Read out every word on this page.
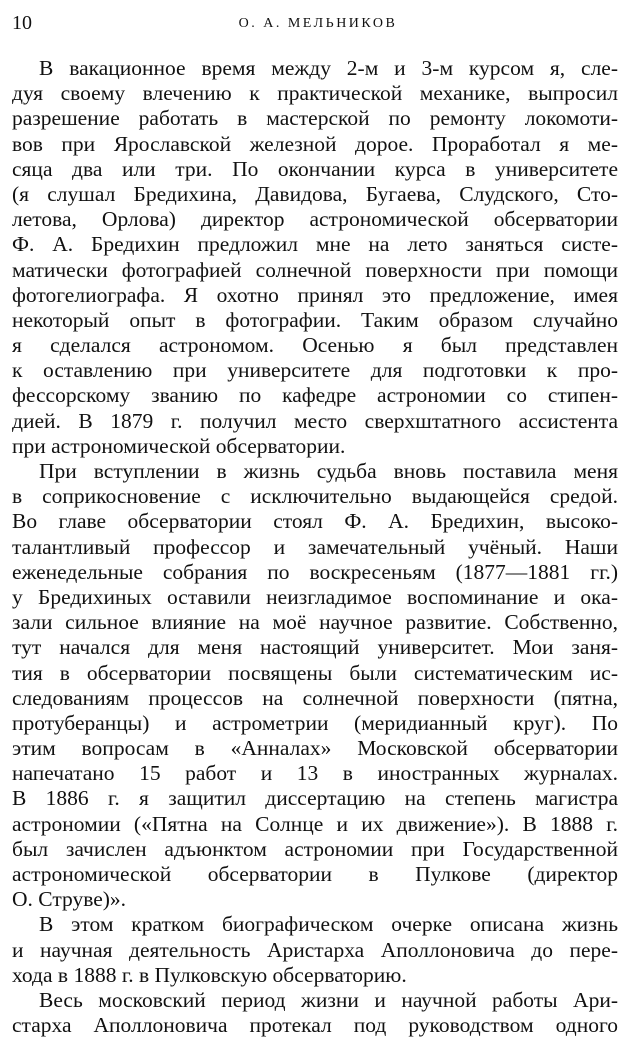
10	О. А. МЕЛЬНИКОВ
В вакационное время между 2-м и 3-м курсом я, сле-
дуя своему влечению к практической механике, выпросил
разрешение работать в мастерской по ремонту локомоти-
вов при Ярославской железной дорое. Проработал я ме-
сяца два или три. По окончании курса в университете
(я слушал Бредихина, Давидова, Бугаева, Слудского, Сто-
летова, Орлова) директор астрономической обсерватории
Ф. А. Бредихин предложил мне на лето заняться систе-
матически фотографией солнечной поверхности при помощи
фотогелиографа. Я охотно принял это предложение, имея
некоторый опыт в фотографии. Таким образом случайно
я сделался астрономом. Осенью я был представлен
к оставлению при университете для подготовки к про-
фессорскому званию по кафедре астрономии со стипен-
дией. В 1879 г. получил место сверхштатного ассистента
при астрономической обсерватории.
При вступлении в жизнь судьба вновь поставила меня
в соприкосновение с исключительно выдающейся средой.
Во главе обсерватории стоял Ф. А. Бредихин, высоко-
талантливый профессор и замечательный учёный. Наши
еженедельные собрания по воскресеньям (1877—1881 гг.)
у Бредихиных оставили неизгладимое воспоминание и ока-
зали сильное влияние на моё научное развитие. Собственно,
тут начался для меня настоящий университет. Мои заня-
тия в обсерватории посвящены были систематическим ис-
следованиям процессов на солнечной поверхности (пятна,
протуберанцы) и астрометрии (меридианный круг). По
этим вопросам в «Анналах» Московской обсерватории
напечатано 15 работ и 13 в иностранных журналах.
В 1886 г. я защитил диссертацию на степень магистра
астрономии («Пятна на Солнце и их движение»). В 1888 г.
был зачислен адъюнктом астрономии при Государственной
астрономической обсерватории в Пулкове (директор
О. Струве)».
В этом кратком биографическом очерке описана жизнь
и научная деятельность Аристарха Аполлоновича до пере-
хода в 1888 г. в Пулковскую обсерваторию.
Весь московский период жизни и научной работы Ари-
старха Аполлоновича протекал под руководством одного
